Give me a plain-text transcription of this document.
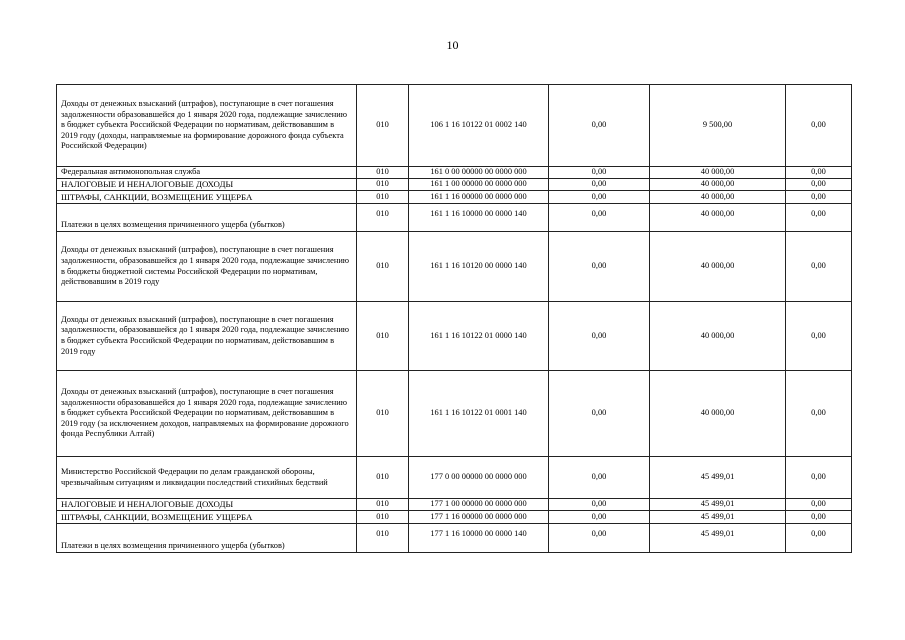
10
Доходы от денежных взысканий (штрафов), поступающие в счет погашения задолженности образовавшейся до 1 января 2020 года, подлежащие зачислению в бюджет субъекта Российской Федерации по нормативам, действовавшим в 2019 году (доходы, направляемые на формирование дорожного фонда субъекта Российской Федерации)	010	106 1 16 10122 01 0002 140	0,00	9 500,00	0,00
Федеральная антимонопольная служба	010	161 0 00 00000 00 0000 000	0,00	40 000,00	0,00
НАЛОГОВЫЕ И НЕНАЛОГОВЫЕ ДОХОДЫ	010	161 1 00 00000 00 0000 000	0,00	40 000,00	0,00
ШТРАФЫ, САНКЦИИ, ВОЗМЕЩЕНИЕ УЩЕРБА	010	161 1 16 00000 00 0000 000	0,00	40 000,00	0,00
Платежи в целях возмещения причиненного ущерба (убытков)	010	161 1 16 10000 00 0000 140	0,00	40 000,00	0,00
Доходы от денежных взысканий (штрафов), поступающие в счет погашения задолженности, образовавшейся до 1 января 2020 года, подлежащие зачислению в бюджеты бюджетной системы Российской Федерации по нормативам, действовавшим в 2019 году	010	161 1 16 10120 00 0000 140	0,00	40 000,00	0,00
Доходы от денежных взысканий (штрафов), поступающие в счет погашения задолженности, образовавшейся до 1 января 2020 года, подлежащие зачислению в бюджет субъекта Российской Федерации по нормативам, действовавшим в 2019 году	010	161 1 16 10122 01 0000 140	0,00	40 000,00	0,00
Доходы от денежных взысканий (штрафов), поступающие в счет погашения задолженности образовавшейся до 1 января 2020 года, подлежащие зачислению в бюджет субъекта Российской Федерации по нормативам, действовавшим в 2019 году (за исключением доходов, направляемых на формирование дорожного фонда Республики Алтай)	010	161 1 16 10122 01 0001 140	0,00	40 000,00	0,00
Министерство Российской Федерации по делам гражданской обороны, чрезвычайным ситуациям и ликвидации последствий стихийных бедствий	010	177 0 00 00000 00 0000 000	0,00	45 499,01	0,00
НАЛОГОВЫЕ И НЕНАЛОГОВЫЕ ДОХОДЫ	010	177 1 00 00000 00 0000 000	0,00	45 499,01	0,00
ШТРАФЫ, САНКЦИИ, ВОЗМЕЩЕНИЕ УЩЕРБА	010	177 1 16 00000 00 0000 000	0,00	45 499,01	0,00
Платежи в целях возмещения причиненного ущерба (убытков)	010	177 1 16 10000 00 0000 140	0,00	45 499,01	0,00
